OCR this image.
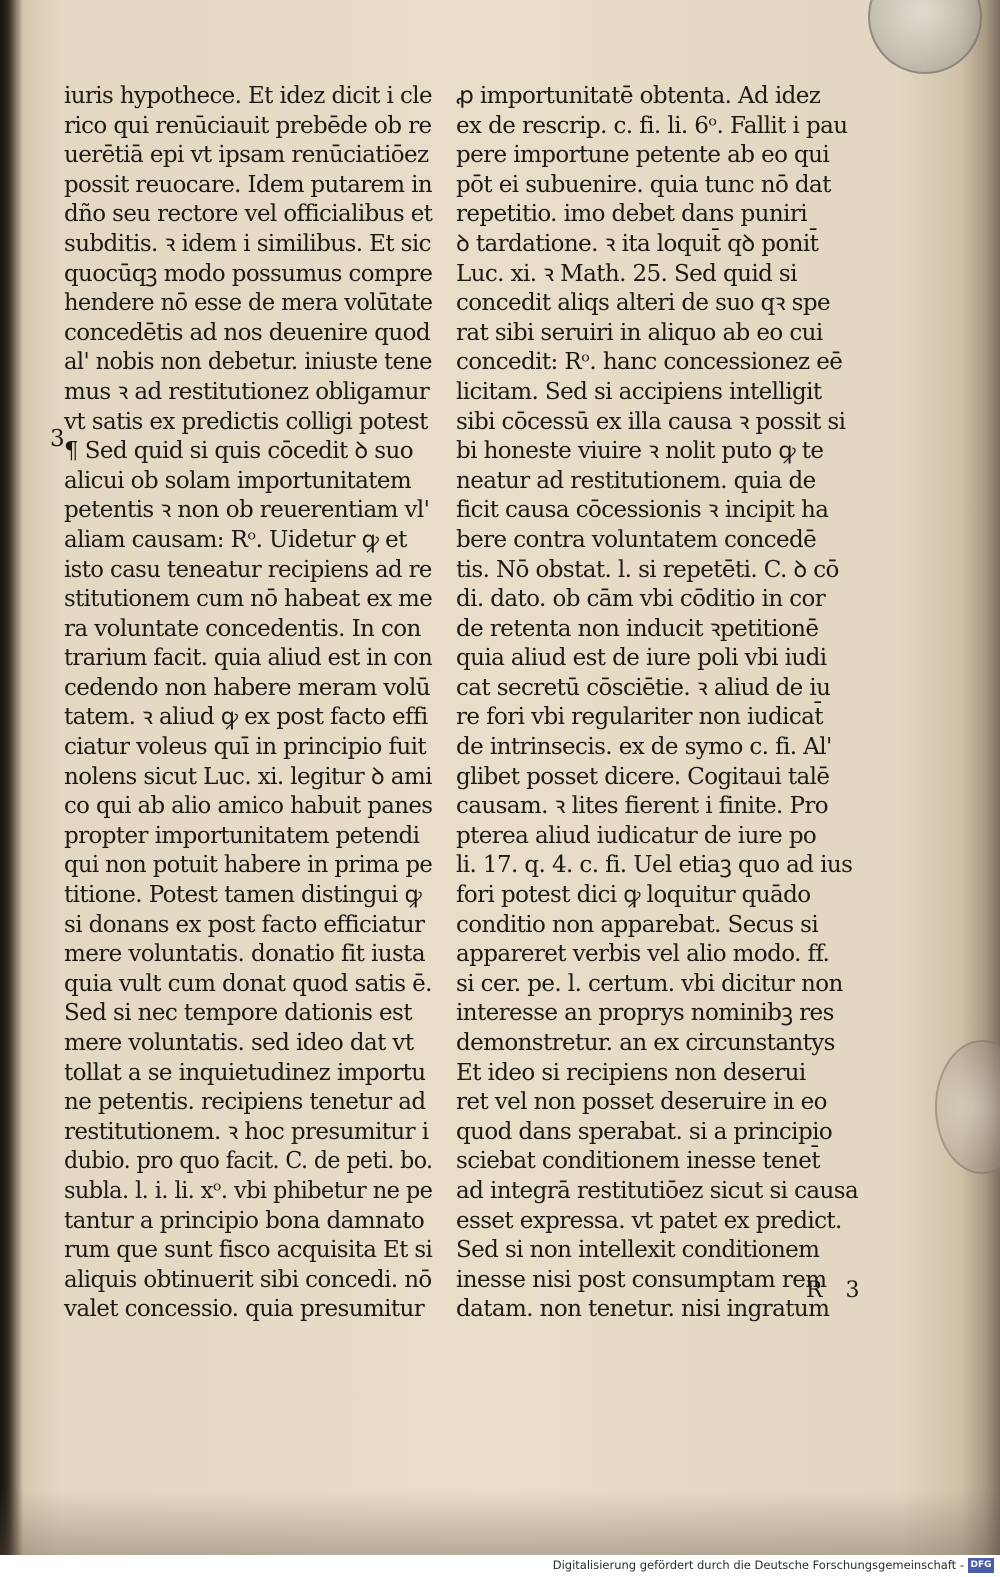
3
iuris hypothece. Et idez dicit i cle
rico qui renūciauit prebēde ob re
uerētiā epi vt ipsam renūciatiōez
possit reuocare. Idem putarem in
dño seu rectore vel officialibus et
subditis. ꝛ idem i similibus. Et sic
quocūqꝫ modo possumus compre
hendere nō esse de mera volūtate
concedētis ad nos deuenire quod
al' nobis non debetur. iniuste tene
mus ꝛ ad restitutionez obligamur
vt satis ex predictis colligi potest
¶ Sed quid si quis cōcedit ꝺ suo
alicui ob solam importunitatem
petentis ꝛ non ob reuerentiam vl'
aliam causam: Rᵒ. Uidetur ꝙ et
isto casu teneatur recipiens ad re
stitutionem cum nō habeat ex me
ra voluntate concedentis. In con
trarium facit. quia aliud est in con
cedendo non habere meram volū
tatem. ꝛ aliud ꝙ ex post facto effi
ciatur voleus quī in principio fuit
nolens sicut Luc. xi. legitur ꝺ ami
co qui ab alio amico habuit panes
propter importunitatem petendi
qui non potuit habere in prima pe
titione. Potest tamen distingui ꝙ
si donans ex post facto efficiatur
mere voluntatis. donatio fit iusta
quia vult cum donat quod satis ē.
Sed si nec tempore dationis est
mere voluntatis. sed ideo dat vt
tollat a se inquietudinez importu
ne petentis. recipiens tenetur ad
restitutionem. ꝛ hoc presumitur i
dubio. pro quo facit. C. de peti. bo.
subla. l. i. li. xᵒ. vbi phibetur ne pe
tantur a principio bona damnato
rum que sunt fisco acquisita Et si
aliquis obtinuerit sibi concedi. nō
valet concessio. quia presumitur
ꝓ importunitatē obtenta. Ad idez
ex de rescrip. c. fi. li. 6ᵒ. Fallit i pau
pere importune petente ab eo qui
pōt ei subuenire. quia tunc nō dat
repetitio. imo debet dans puniri
ꝺ tardatione. ꝛ ita loquit̄ qꝺ ponit̄
Luc. xi. ꝛ Math. 25. Sed quid si
concedit aliqs alteri de suo qꝛ spe
rat sibi seruiri in aliquo ab eo cui
concedit: Rᵒ. hanc concessionez eē
licitam. Sed si accipiens intelligit
sibi cōcessū ex illa causa ꝛ possit si
bi honeste viuire ꝛ nolit puto ꝙ te
neatur ad restitutionem. quia de
ficit causa cōcessionis ꝛ incipit ha
bere contra voluntatem concedē
tis. Nō obstat. l. si repetēti. C. ꝺ cō
di. dato. ob cām vbi cōditio in cor
de retenta non inducit ꝛpetitionē
quia aliud est de iure poli vbi iudi
cat secretū cōsciētie. ꝛ aliud de iu
re fori vbi regulariter non iudicat̄
de intrinsecis. ex de symo c. fi. Al'
glibet posset dicere. Cogitaui talē
causam. ꝛ lites fierent i finite. Pro
pterea aliud iudicatur de iure po
li. 17. q. 4. c. fi. Uel etiaꝫ quo ad ius
fori potest dici ꝙ loquitur quādo
conditio non apparebat. Secus si
appareret verbis vel alio modo. ff.
si cer. pe. l. certum. vbi dicitur non
interesse an proprys nominibꝫ res
demonstretur. an ex circunstantys
Et ideo si recipiens non deserui
ret vel non posset deseruire in eo
quod dans sperabat. si a principio
sciebat conditionem inesse tenet̄
ad integrā restitutiōez sicut si causa
esset expressa. vt patet ex predict.
Sed si non intellexit conditionem
inesse nisi post consumptam rem
datam. non tenetur. nisi ingratum
R 3
Digitalisierung gefördert durch die Deutsche Forschungsgemeinschaft - DFG
